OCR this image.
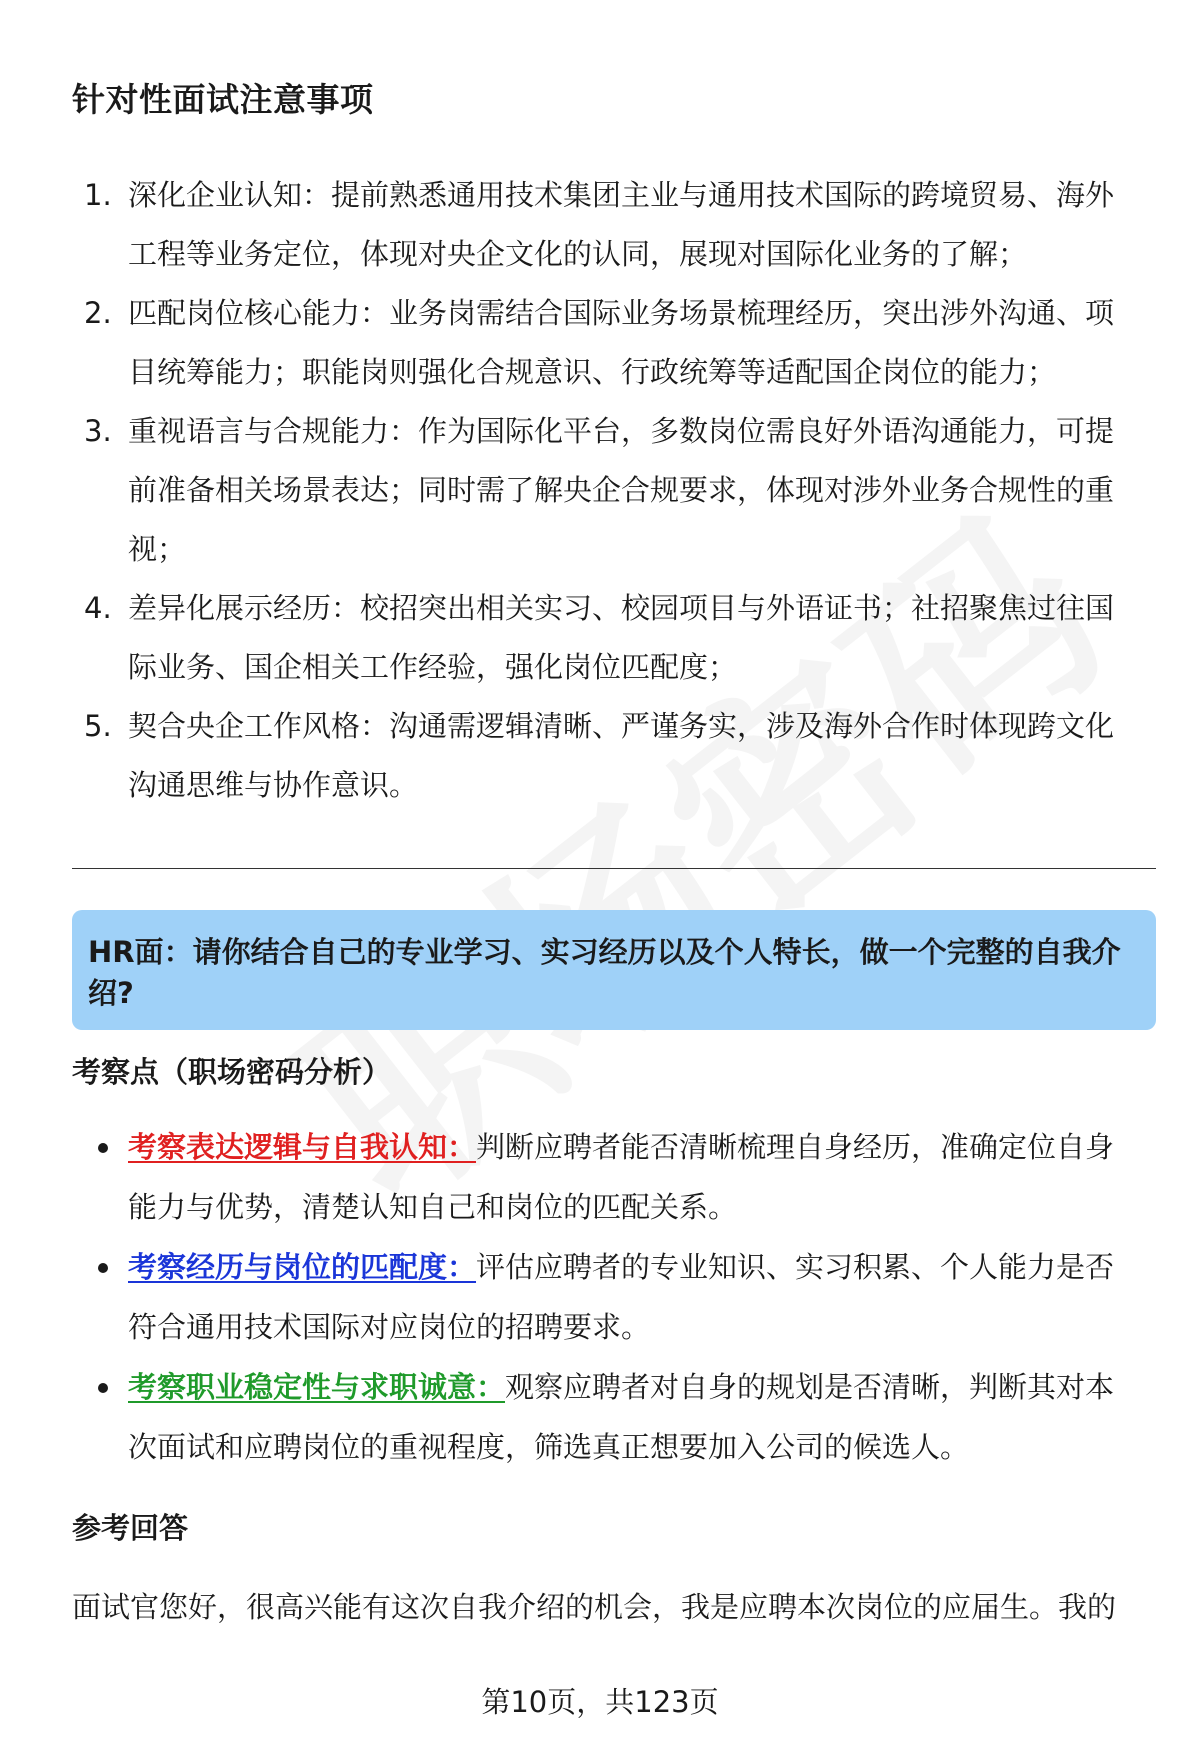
针对性面试注意事项
1. 深化企业认知：提前熟悉通用技术集团主业与通用技术国际的跨境贸易、海外工程等业务定位，体现对央企文化的认同，展现对国际化业务的了解；
2. 匹配岗位核心能力：业务岗需结合国际业务场景梳理经历，突出涉外沟通、项目统筹能力；职能岗则强化合规意识、行政统筹等适配国企岗位的能力；
3. 重视语言与合规能力：作为国际化平台，多数岗位需良好外语沟通能力，可提前准备相关场景表达；同时需了解央企合规要求，体现对涉外业务合规性的重视；
4. 差异化展示经历：校招突出相关实习、校园项目与外语证书；社招聚焦过往国际业务、国企相关工作经验，强化岗位匹配度；
5. 契合央企工作风格：沟通需逻辑清晰、严谨务实，涉及海外合作时体现跨文化沟通思维与协作意识。
HR面：请你结合自己的专业学习、实习经历以及个人特长，做一个完整的自我介绍?
考察点（职场密码分析）
考察表达逻辑与自我认知：判断应聘者能否清晰梳理自身经历，准确定位自身能力与优势，清楚认知自己和岗位的匹配关系。
考察经历与岗位的匹配度：评估应聘者的专业知识、实习积累、个人能力是否符合通用技术国际对应岗位的招聘要求。
考察职业稳定性与求职诚意：观察应聘者对自身的规划是否清晰，判断其对本次面试和应聘岗位的重视程度，筛选真正想要加入公司的候选人。
参考回答
面试官您好，很高兴能有这次自我介绍的机会，我是应聘本次岗位的应届生。我的
第10页，共123页
